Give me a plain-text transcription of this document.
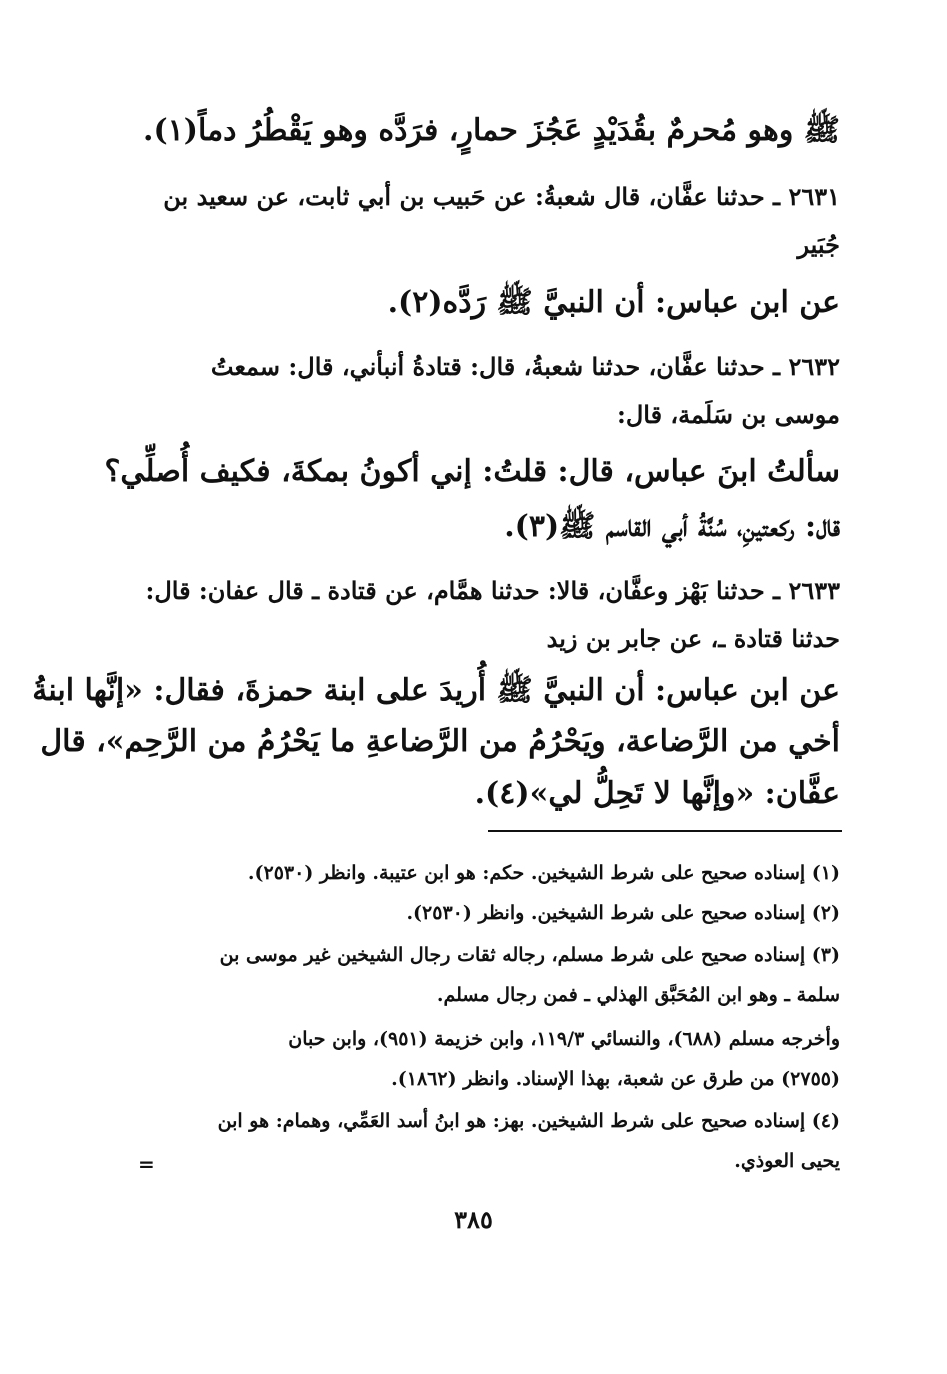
ﷺ وهو مُحرمٌ بقُدَيْدٍ عَجُزَ حمارٍ، فرَدَّه وهو يَقْطُرُ دماً(١).
٢٦٣١ ـ حدثنا عفَّان، قال شعبةُ: عن حَبيب بن أبي ثابت، عن سعيد بن
جُبَير
عن ابن عباس: أن النبيَّ ﷺ رَدَّه(٢).
٢٦٣٢ ـ حدثنا عفَّان، حدثنا شعبةُ، قال: قتادةُ أنبأني، قال: سمعتُ
موسى بن سَلَمة، قال:
سألتُ ابنَ عباس، قال: قلتُ: إني أكونُ بمكةَ، فكيف أُصلِّي؟
قال: ركعتينِ، سُنَّةُ أبي القاسم ﷺ(٣).
٢٦٣٣ ـ حدثنا بَهْز وعفَّان، قالا: حدثنا همَّام، عن قتادة ـ قال عفان: قال:
حدثنا قتادة ـ، عن جابر بن زيد
عن ابن عباس: أن النبيَّ ﷺ أُريدَ على ابنة حمزةَ، فقال: «إنَّها ابنةُ
أخي من الرَّضاعة، ويَحْرُمُ من الرَّضاعةِ ما يَحْرُمُ من الرَّحِم»، قال
عفَّان: «وإنَّها لا تَحِلُّ لي»(٤).
(١) إسناده صحيح على شرط الشيخين. حكم: هو ابن عتيبة. وانظر (٢٥٣٠).
(٢) إسناده صحيح على شرط الشيخين. وانظر (٢٥٣٠).
(٣) إسناده صحيح على شرط مسلم، رجاله ثقات رجال الشيخين غير موسى بن
سلمة ـ وهو ابن المُحَبَّق الهذلي ـ فمن رجال مسلم.
وأخرجه مسلم (٦٨٨)، والنسائي ١١٩/٣، وابن خزيمة (٩٥١)، وابن حبان
(٢٧٥٥) من طرق عن شعبة، بهذا الإسناد. وانظر (١٨٦٢).
(٤) إسناده صحيح على شرط الشيخين. بهز: هو ابنُ أسد العَمِّي، وهمام: هو ابن
يحيى العوذي.
=
٣٨٥
